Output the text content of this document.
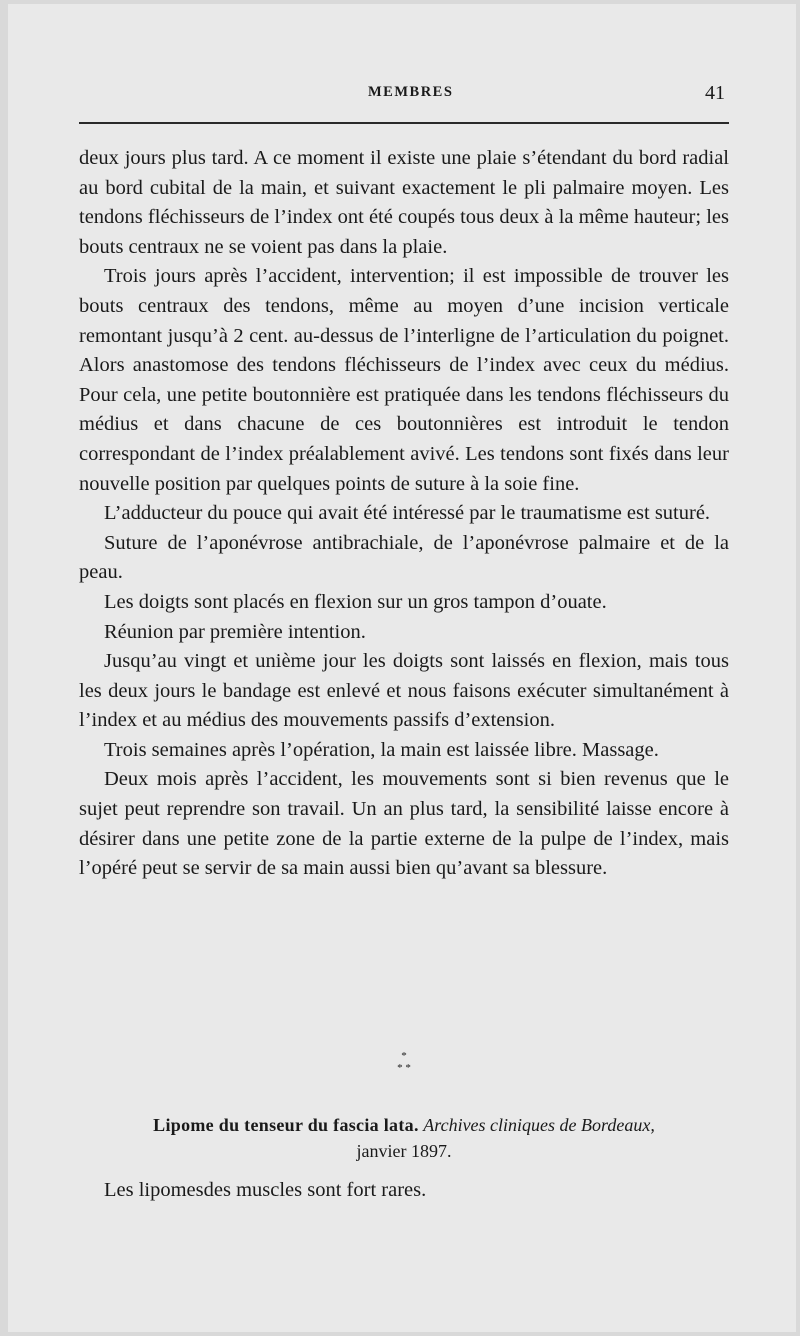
MEMBRES	41

deux jours plus tard. A ce moment il existe une plaie s’étendant du bord radial au bord cubital de la main, et suivant exactement le pli palmaire moyen. Les tendons fléchisseurs de l’index ont été coupés tous deux à la même hauteur; les bouts centraux ne se voient pas dans la plaie.

Trois jours après l’accident, intervention; il est impossible de trouver les bouts centraux des tendons, même au moyen d’une incision verticale remontant jusqu’à 2 cent. au-dessus de l’interligne de l’articulation du poignet. Alors anastomose des tendons fléchisseurs de l’index avec ceux du médius. Pour cela, une petite boutonnière est pratiquée dans les tendons fléchisseurs du médius et dans chacune de ces boutonnières est introduit le tendon correspondant de l’index préalablement avivé. Les tendons sont fixés dans leur nouvelle position par quelques points de suture à la soie fine.

L’adducteur du pouce qui avait été intéressé par le traumatisme est suturé.

Suture de l’aponévrose antibrachiale, de l’aponévrose palmaire et de la peau.

Les doigts sont placés en flexion sur un gros tampon d’ouate.

Réunion par première intention.

Jusqu’au vingt et unième jour les doigts sont laissés en flexion, mais tous les deux jours le bandage est enlevé et nous faisons exécuter simultanément à l’index et au médius des mouvements passifs d’extension.

Trois semaines après l’opération, la main est laissée libre. Massage.

Deux mois après l’accident, les mouvements sont si bien revenus que le sujet peut reprendre son travail. Un an plus tard, la sensibilité laisse encore à désirer dans une petite zone de la partie externe de la pulpe de l’index, mais l’opéré peut se servir de sa main aussi bien qu’avant sa blessure.

*
* *
Lipome du tenseur du fascia lata. Archives cliniques de Bordeaux,
janvier 1897.
Les lipomesdes muscles sont fort rares.
